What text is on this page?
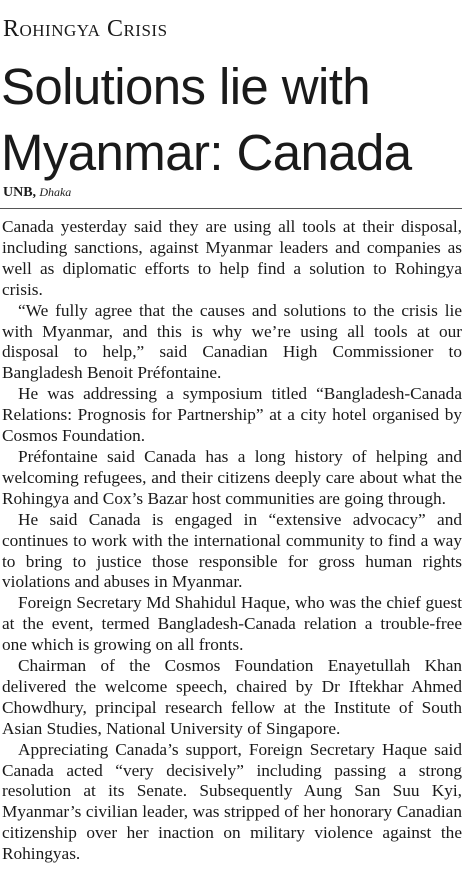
Rohingya Crisis
Solutions lie with
Myanmar: Canada
UNB, Dhaka

Canada yesterday said they are using all tools at their disposal, including sanctions, against Myanmar leaders and companies as well as diplomatic efforts to help find a solution to Rohingya crisis.

“We fully agree that the causes and solutions to the crisis lie with Myanmar, and this is why we’re using all tools at our disposal to help,” said Canadian High Commissioner to Bangladesh Benoit Préfontaine.

He was addressing a symposium titled “Bangladesh-Canada Relations: Prognosis for Partnership” at a city hotel organised by Cosmos Foundation.

Préfontaine said Canada has a long history of helping and welcoming refugees, and their citizens deeply care about what the Rohingya and Cox’s Bazar host communities are going through.

He said Canada is engaged in “extensive advocacy” and continues to work with the international community to find a way to bring to justice those responsible for gross human rights violations and abuses in Myanmar.

Foreign Secretary Md Shahidul Haque, who was the chief guest at the event, termed Bangladesh-Canada relation a trouble-free one which is growing on all fronts.

Chairman of the Cosmos Foundation Enayetullah Khan delivered the welcome speech, chaired by Dr Iftekhar Ahmed Chowdhury, principal research fellow at the Institute of South Asian Studies, National University of Singapore.

Appreciating Canada’s support, Foreign Secretary Haque said Canada acted “very decisively” including passing a strong resolution at its Senate. Subsequently Aung San Suu Kyi, Myanmar’s civilian leader, was stripped of her honorary Canadian citizenship over her inaction on military violence against the Rohingyas.
